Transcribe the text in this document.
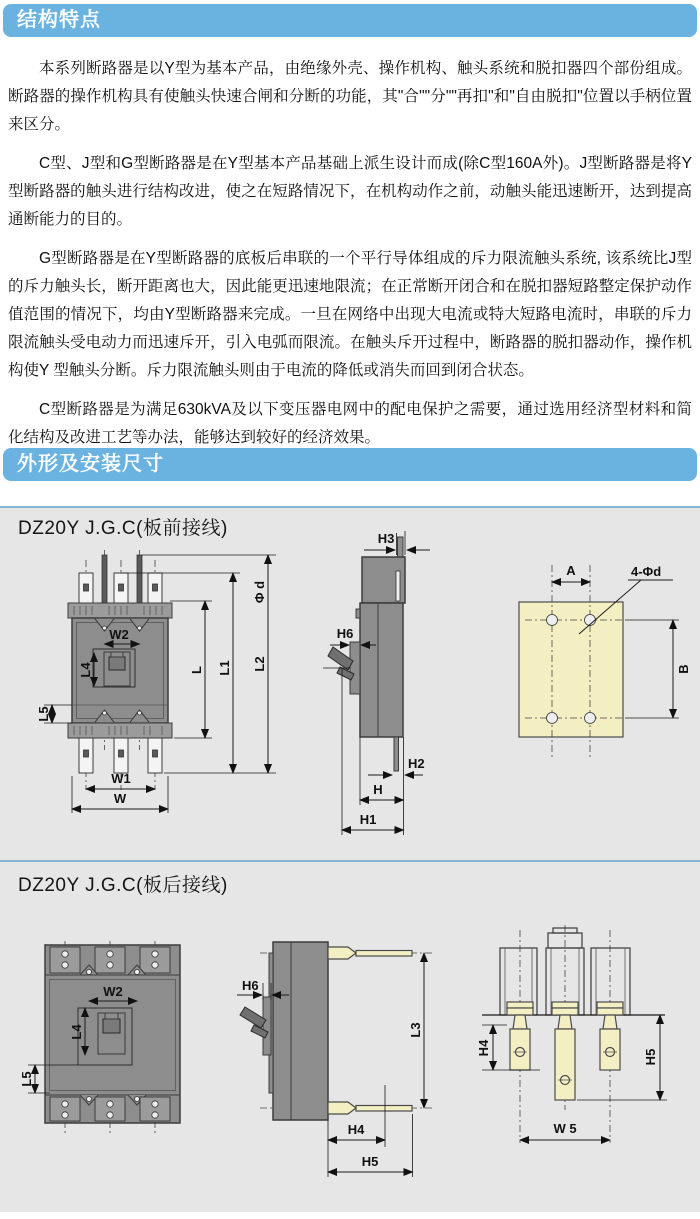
结构特点

本系列断路器是以Y型为基本产品，由绝缘外壳、操作机构、触头系统和脱扣器四个部份组成。断路器的操作机构具有使触头快速合闸和分断的功能，其"合""分""再扣"和"自由脱扣"位置以手柄位置来区分。

C型、J型和G型断路器是在Y型基本产品基础上派生设计而成(除C型160A外)。J型断路器是将Y型断路器的触头进行结构改进，使之在短路情况下，在机构动作之前，动触头能迅速断开，达到提高通断能力的目的。

G型断路器是在Y型断路器的底板后串联的一个平行导体组成的斥力限流触头系统, 该系统比J型的斥力触头长，断开距离也大，因此能更迅速地限流；在正常断开闭合和在脱扣器短路整定保护动作值范围的情况下，均由Y型断路器来完成。一旦在网络中出现大电流或特大短路电流时，串联的斥力限流触头受电动力而迅速斥开，引入电弧而限流。在触头斥开过程中，断路器的脱扣器动作，操作机构使Y 型触头分断。斥力限流触头则由于电流的降低或消失而回到闭合状态。

C型断路器是为满足630kVA及以下变压器电网中的配电保护之需要，通过选用经济型材料和简化结构及改进工艺等办法，能够达到较好的经济效果。

外形及安装尺寸
DZ20Y J.G.C(板前接线)
DZ20Y J.G.C(板后接线)
W2
L4
L5
W1
W
L L1
Φ d
L2
H3
H6
H2
H
H1
A	4-Φd
B
W2
L4
L5
H6
L3
H4
H5
H4
H5
W 5
